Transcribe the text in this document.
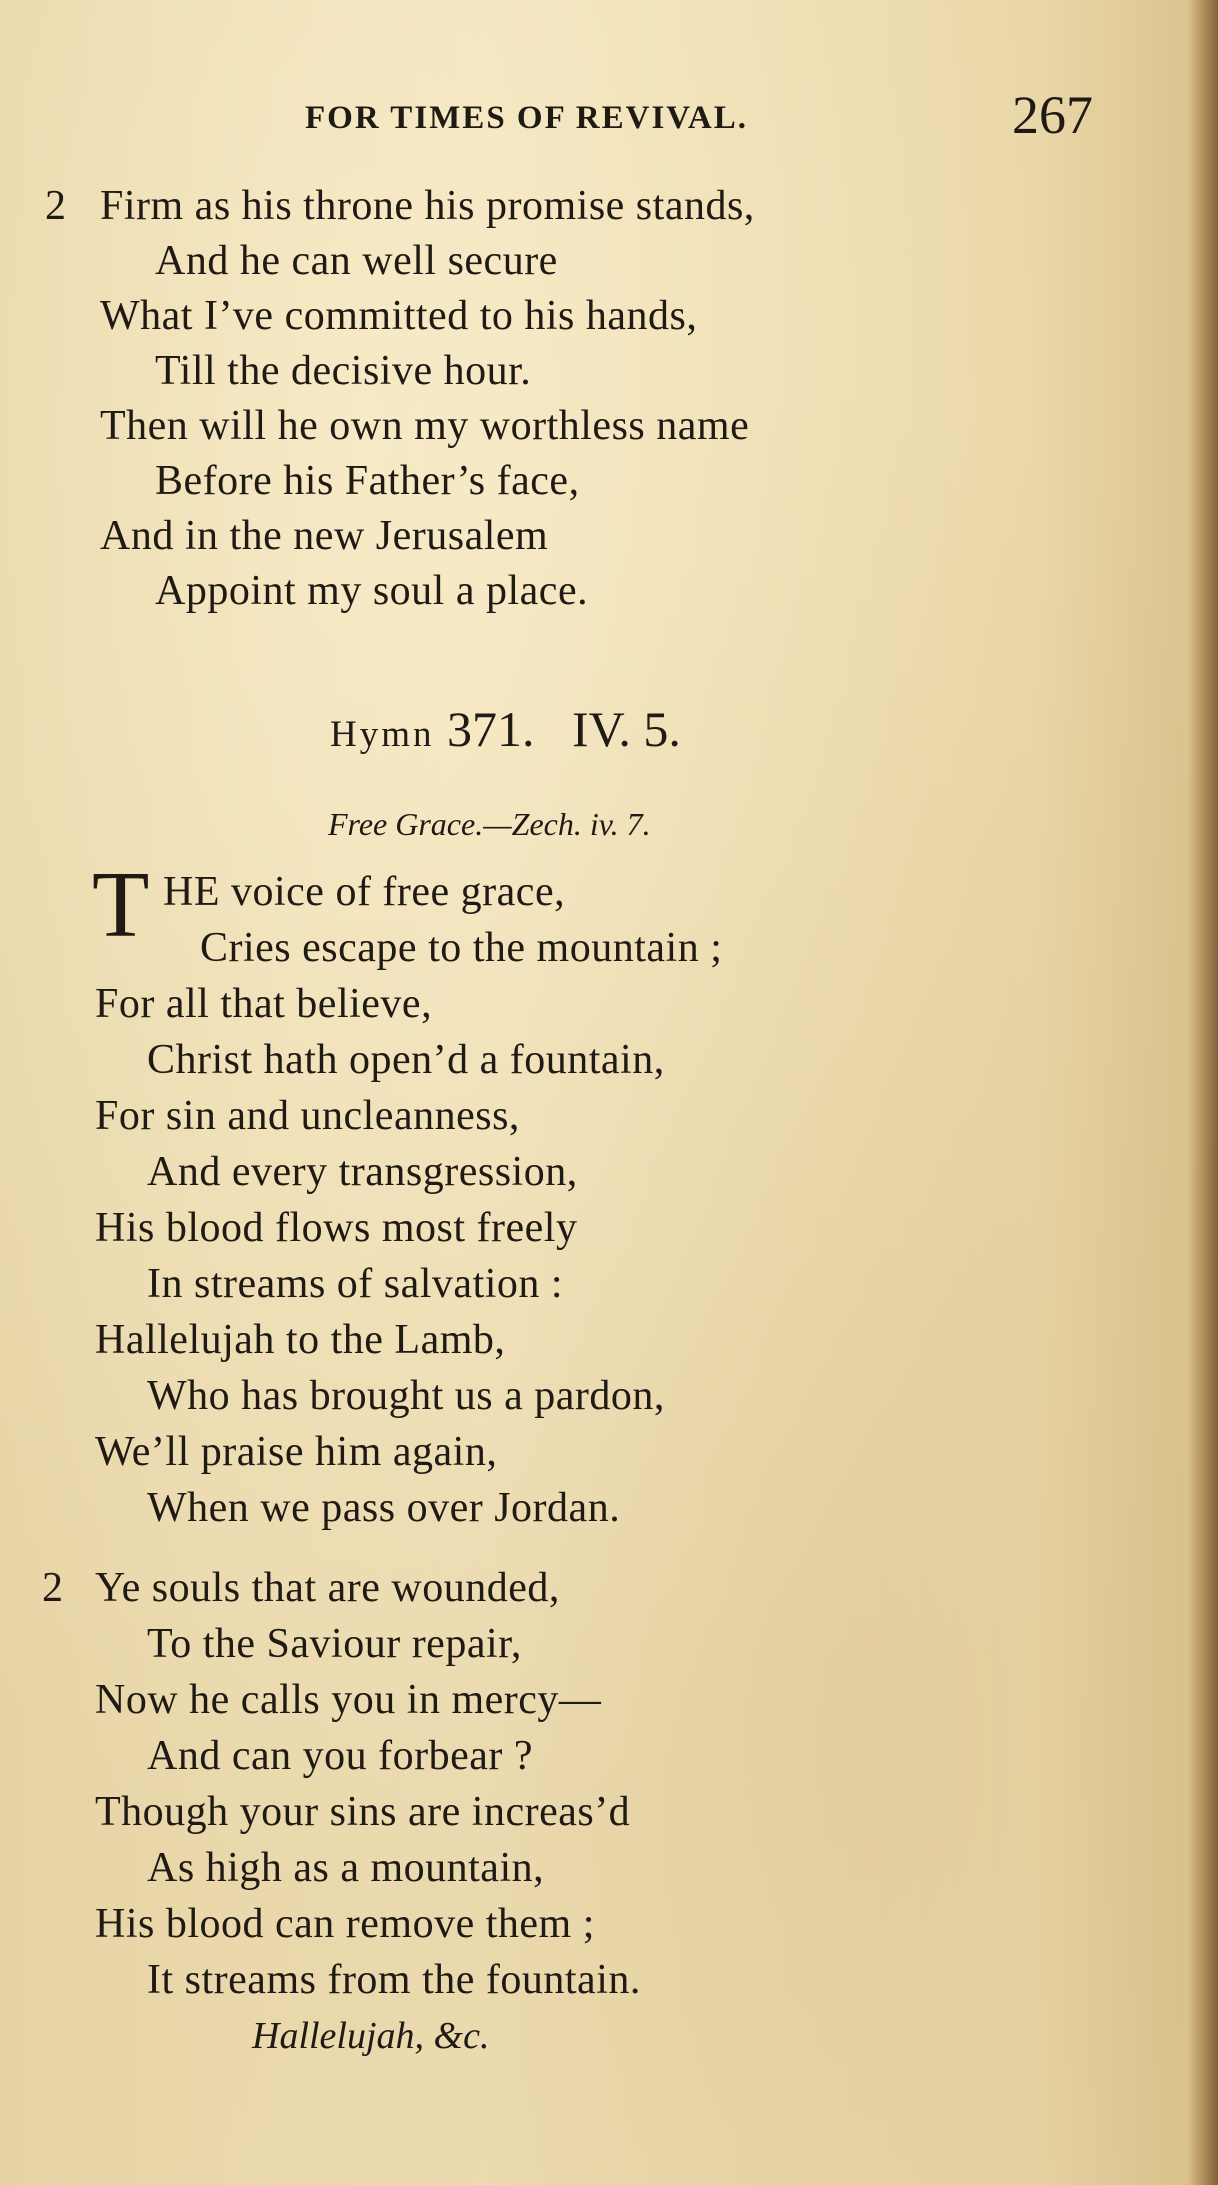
FOR TIMES OF REVIVAL.	267
2 Firm as his throne his promise stands,
And he can well secure
What I’ve committed to his hands,
Till the decisive hour.
Then will he own my worthless name
Before his Father’s face,
And in the new Jerusalem
Appoint my soul a place.
Hymn 371. IV. 5.
Free Grace.—Zech. iv. 7.
T HE voice of free grace,
Cries escape to the mountain ;
For all that believe,
Christ hath open’d a fountain,
For sin and uncleanness,
And every transgression,
His blood flows most freely
In streams of salvation :
Hallelujah to the Lamb,
Who has brought us a pardon,
We’ll praise him again,
When we pass over Jordan.
2 Ye souls that are wounded,
To the Saviour repair,
Now he calls you in mercy—
And can you forbear ?
Though your sins are increas’d
As high as a mountain,
His blood can remove them ;
It streams from the fountain.
Hallelujah, &c.
